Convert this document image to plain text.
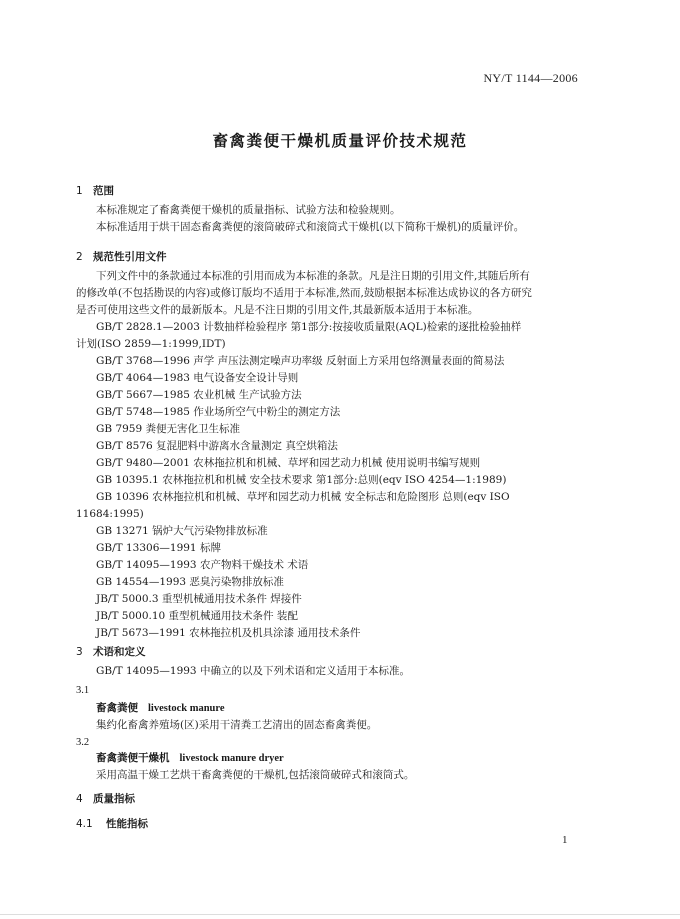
NY/T 1144—2006
畜禽粪便干燥机质量评价技术规范
1 范围
本标准规定了畜禽粪便干燥机的质量指标、试验方法和检验规则。
本标准适用于烘干固态畜禽粪便的滚筒破碎式和滚筒式干燥机(以下简称干燥机)的质量评价。
2 规范性引用文件
下列文件中的条款通过本标准的引用而成为本标准的条款。凡是注日期的引用文件,其随后所有
的修改单(不包括勘误的内容)或修订版均不适用于本标准,然而,鼓励根据本标准达成协议的各方研究
是否可使用这些文件的最新版本。凡是不注日期的引用文件,其最新版本适用于本标准。
GB/T 2828.1—2003 计数抽样检验程序 第1部分:按接收质量限(AQL)检索的逐批检验抽样
计划(ISO 2859—1:1999,IDT)
GB/T 3768—1996 声学 声压法测定噪声功率级 反射面上方采用包络测量表面的简易法
GB/T 4064—1983 电气设备安全设计导则
GB/T 5667—1985 农业机械 生产试验方法
GB/T 5748—1985 作业场所空气中粉尘的测定方法
GB 7959 粪便无害化卫生标准
GB/T 8576 复混肥料中游离水含量测定 真空烘箱法
GB/T 9480—2001 农林拖拉机和机械、草坪和园艺动力机械 使用说明书编写规则
GB 10395.1 农林拖拉机和机械 安全技术要求 第1部分:总则(eqv ISO 4254—1:1989)
GB 10396 农林拖拉机和机械、草坪和园艺动力机械 安全标志和危险图形 总则(eqv ISO
11684:1995)
GB 13271 锅炉大气污染物排放标准
GB/T 13306—1991 标牌
GB/T 14095—1993 农产物料干燥技术 术语
GB 14554—1993 恶臭污染物排放标准
JB/T 5000.3 重型机械通用技术条件 焊接件
JB/T 5000.10 重型机械通用技术条件 装配
JB/T 5673—1991 农林拖拉机及机具涂漆 通用技术条件
3 术语和定义
GB/T 14095—1993 中确立的以及下列术语和定义适用于本标准。
3.1
畜禽粪便 livestock manure
集约化畜禽养殖场(区)采用干清粪工艺清出的固态畜禽粪便。
3.2
畜禽粪便干燥机 livestock manure dryer
采用高温干燥工艺烘干畜禽粪便的干燥机,包括滚筒破碎式和滚筒式。
4 质量指标
4.1 性能指标
1
